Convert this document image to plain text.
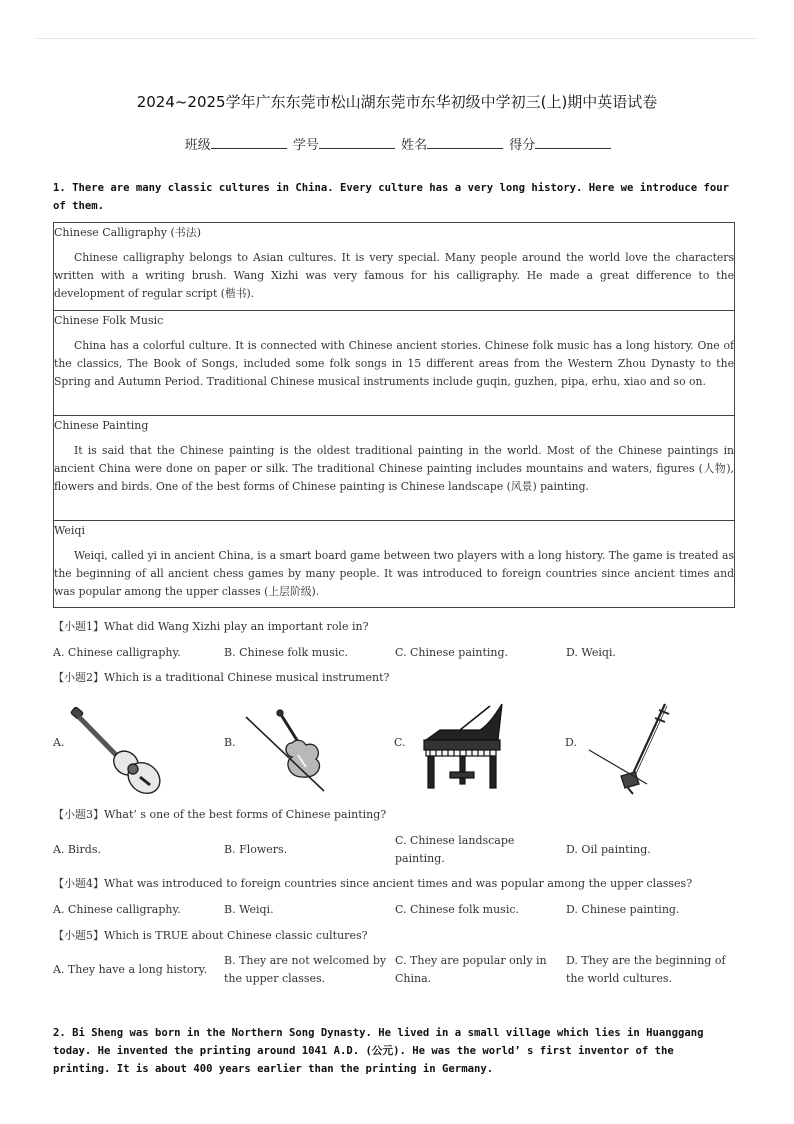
2024~2025学年广东东莞市松山湖东莞市东华初级中学初三(上)期中英语试卷
班级	学号	姓名	得分
1. There are many classic cultures in China. Every culture has a very long history. Here we introduce four of them.
Chinese Calligraphy (书法)
Chinese calligraphy belongs to Asian cultures. It is very special. Many people around the world love the characters written with a writing brush. Wang Xizhi was very famous for his calligraphy. He made a great difference to the development of regular script (楷书).

Chinese Folk Music
China has a colorful culture. It is connected with Chinese ancient stories. Chinese folk music has a long history. One of the classics, The Book of Songs, included some folk songs in 15 different areas from the Western Zhou Dynasty to the Spring and Autumn Period. Traditional Chinese musical instruments include guqin, guzhen, pipa, erhu, xiao and so on.

Chinese Painting
It is said that the Chinese painting is the oldest traditional painting in the world. Most of the Chinese paintings in ancient China were done on paper or silk. The traditional Chinese painting includes mountains and waters, figures (人物), flowers and birds. One of the best forms of Chinese painting is Chinese landscape (风景) painting.

Weiqi
Weiqi, called yi in ancient China, is a smart board game between two players with a long history. The game is treated as the beginning of all ancient chess games by many people. It was introduced to foreign countries since ancient times and was popular among the upper classes (上层阶级).
【小题1】What did Wang Xizhi play an important role in?
A. Chinese calligraphy.	B. Chinese folk music.	C. Chinese painting.	D. Weiqi.
【小题2】Which is a traditional Chinese musical instrument?
A.	B.	C.	D.
【小题3】What’ s one of the best forms of Chinese painting?
A. Birds.	B. Flowers.
C. Chinese landscape painting.
D. Oil painting.
【小题4】What was introduced to foreign countries since ancient times and was popular among the upper classes?
A. Chinese calligraphy.	B. Weiqi.	C. Chinese folk music.	D. Chinese painting.
【小题5】Which is TRUE about Chinese classic cultures?
A. They have a long history.
B. They are not welcomed by the upper classes.
C. They are popular only in China.
D. They are the beginning of the world cultures.
2. Bi Sheng was born in the Northern Song Dynasty. He lived in a small village which lies in Huanggang today. He invented the printing around 1041 A.D. (公元). He was the world’ s first inventor of the printing. It is about 400 years earlier than the printing in Germany.
